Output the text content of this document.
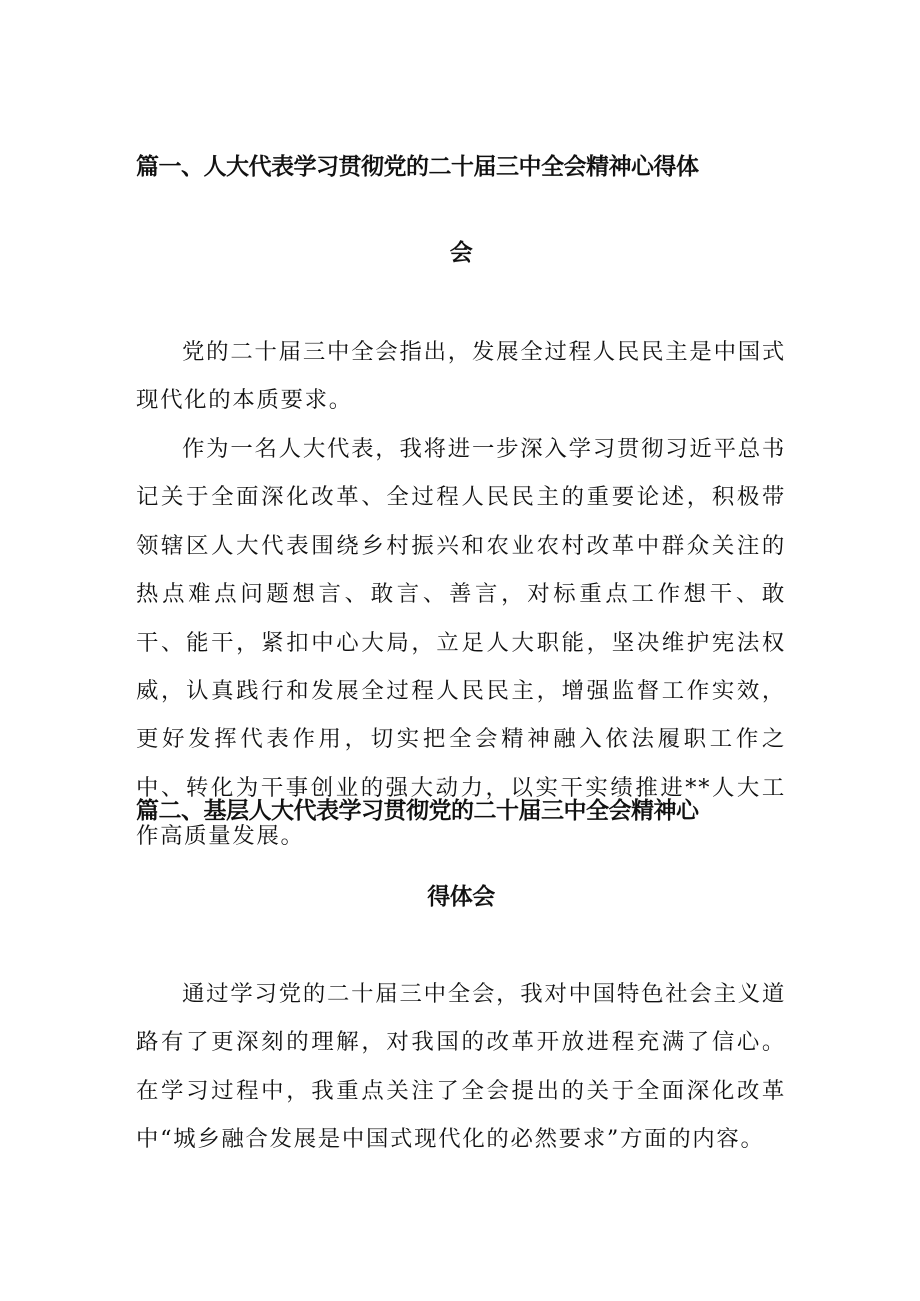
篇一、人大代表学习贯彻党的二十届三中全会精神心得体
会

党的二十届三中全会指出，发展全过程人民民主是中国式现代化的本质要求。

作为一名人大代表，我将进一步深入学习贯彻习近平总书记关于全面深化改革、全过程人民民主的重要论述，积极带领辖区人大代表围绕乡村振兴和农业农村改革中群众关注的热点难点问题想言、敢言、善言，对标重点工作想干、敢干、能干，紧扣中心大局，立足人大职能，坚决维护宪法权威，认真践行和发展全过程人民民主，增强监督工作实效，更好发挥代表作用，切实把全会精神融入依法履职工作之中、转化为干事创业的强大动力，以实干实绩推进**人大工作高质量发展。

篇二、基层人大代表学习贯彻党的二十届三中全会精神心
得体会

通过学习党的二十届三中全会，我对中国特色社会主义道路有了更深刻的理解，对我国的改革开放进程充满了信心。在学习过程中，我重点关注了全会提出的关于全面深化改革中“城乡融合发展是中国式现代化的必然要求”方面的内容。
